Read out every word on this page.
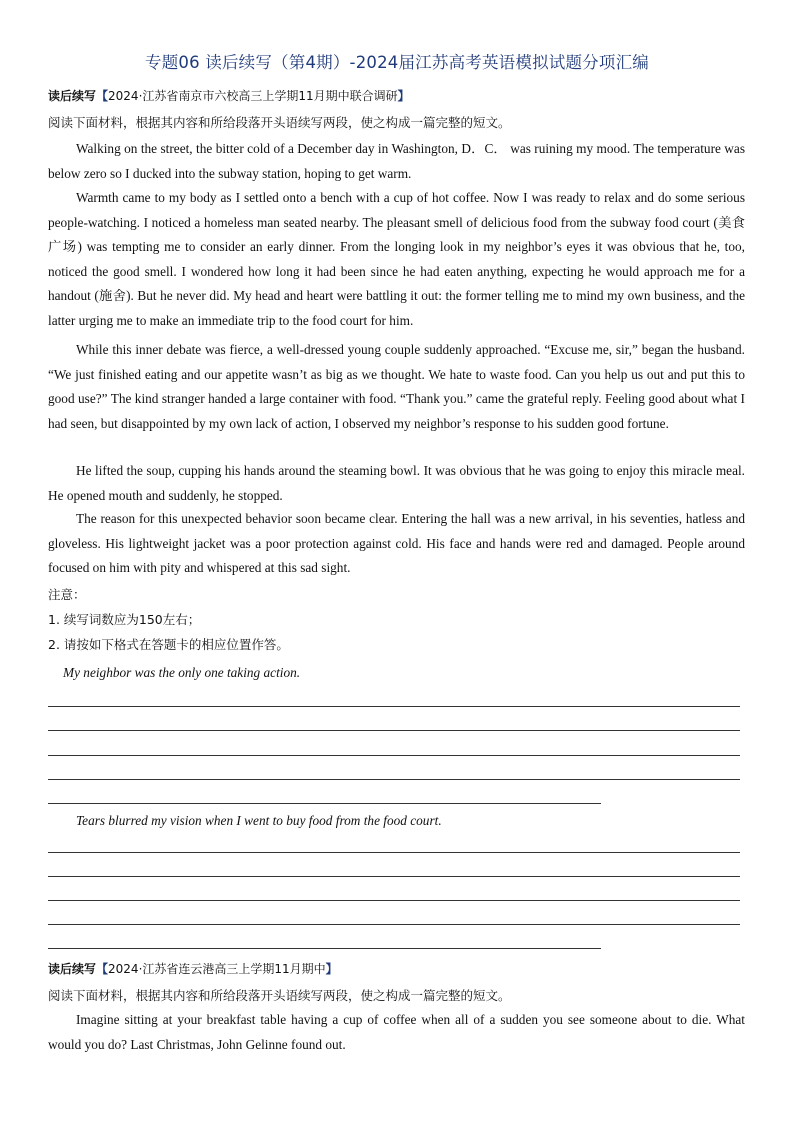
专题06 读后续写（第4期）-2024届江苏高考英语模拟试题分项汇编
读后续写【2024·江苏省南京市六校高三上学期11月期中联合调研】
阅读下面材料，根据其内容和所给段落开头语续写两段，使之构成一篇完整的短文。

Walking on the street, the bitter cold of a December day in Washington, D．C． was ruining my mood. The temperature was below zero so I ducked into the subway station, hoping to get warm.

Warmth came to my body as I settled onto a bench with a cup of hot coffee. Now I was ready to relax and do some serious people-watching. I noticed a homeless man seated nearby. The pleasant smell of delicious food from the subway food court (美食广场) was tempting me to consider an early dinner. From the longing look in my neighbor’s eyes it was obvious that he, too, noticed the good smell. I wondered how long it had been since he had eaten anything, expecting he would approach me for a handout (施舍). But he never did. My head and heart were battling it out: the former telling me to mind my own business, and the latter urging me to make an immediate trip to the food court for him.

While this inner debate was fierce, a well-dressed young couple suddenly approached. “Excuse me, sir,” began the husband. “We just finished eating and our appetite wasn’t as big as we thought. We hate to waste food. Can you help us out and put this to good use?” The kind stranger handed a large container with food. “Thank you.” came the grateful reply. Feeling good about what I had seen, but disappointed by my own lack of action, I observed my neighbor’s response to his sudden good fortune.

He lifted the soup, cupping his hands around the steaming bowl. It was obvious that he was going to enjoy this miracle meal. He opened mouth and suddenly, he stopped.

The reason for this unexpected behavior soon became clear. Entering the hall was a new arrival, in his seventies, hatless and gloveless. His lightweight jacket was a poor protection against cold. His face and hands were red and damaged. People around focused on him with pity and whispered at this sad sight.

注意：
1. 续写词数应为150左右；
2. 请按如下格式在答题卡的相应位置作答。
My neighbor was the only one taking action.
Tears blurred my vision when I went to buy food from the food court.
读后续写【2024·江苏省连云港高三上学期11月期中】
阅读下面材料，根据其内容和所给段落开头语续写两段，使之构成一篇完整的短文。

Imagine sitting at your breakfast table having a cup of coffee when all of a sudden you see someone about to die. What would you do? Last Christmas, John Gelinne found out.
